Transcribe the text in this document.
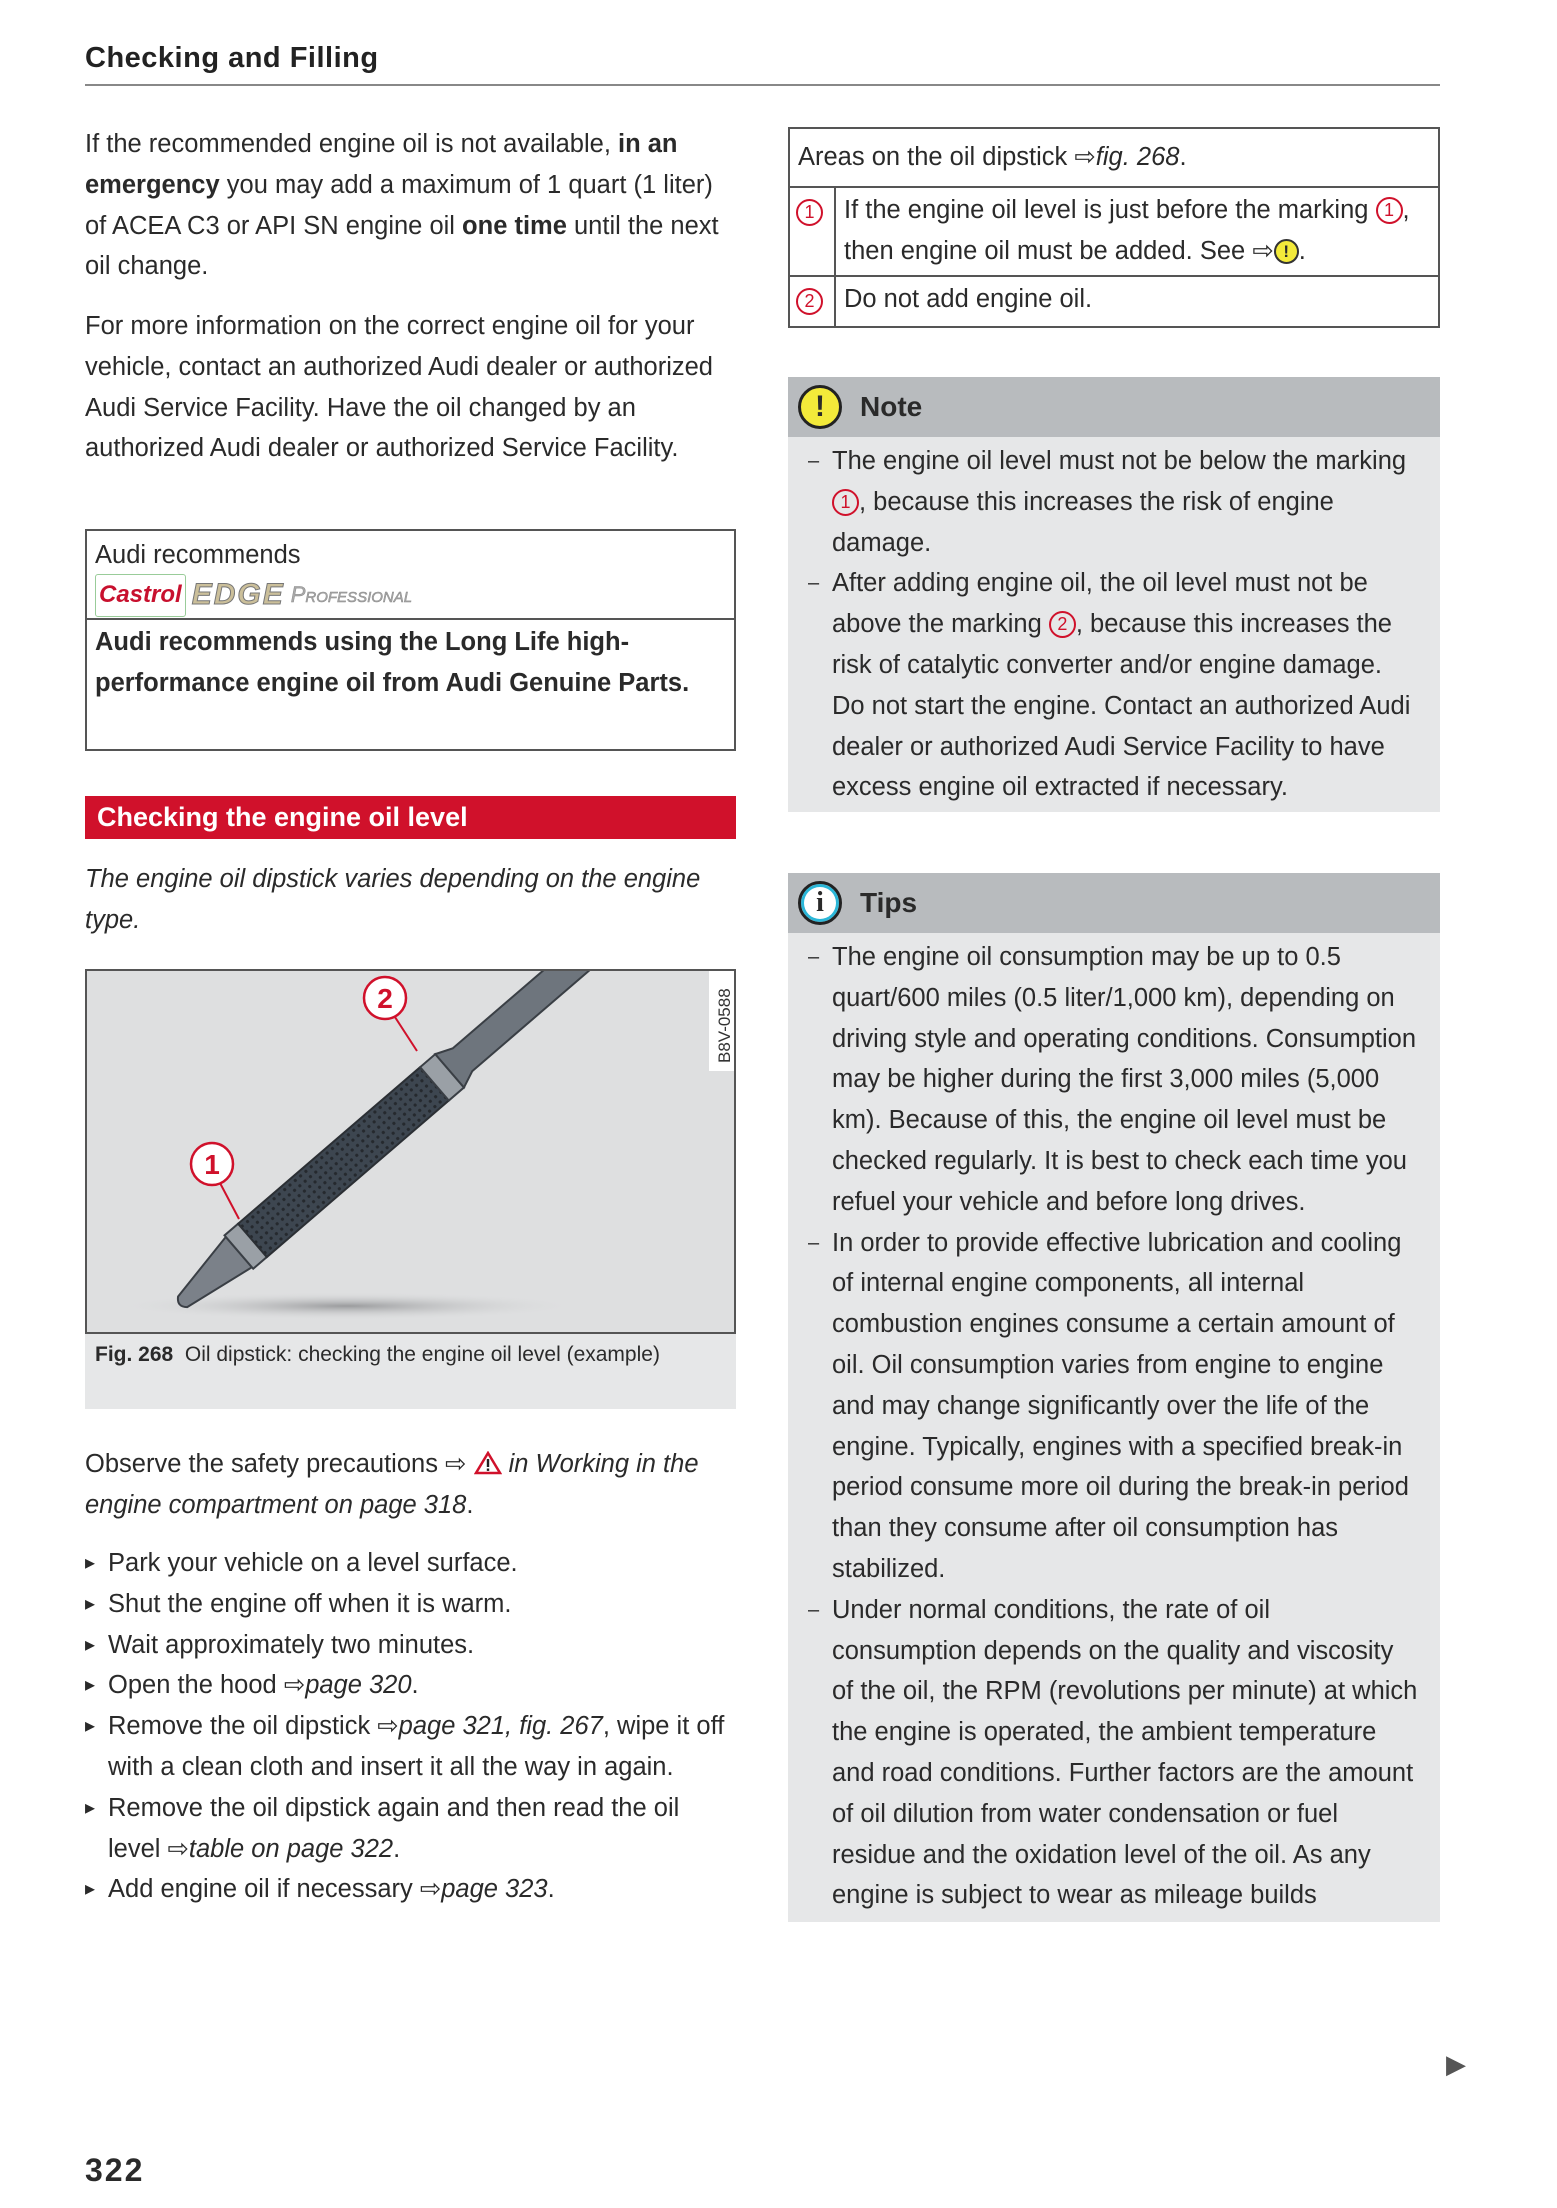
Checking and Filling

If the recommended engine oil is not available, in an emergency you may add a maximum of 1 quart (1 liter) of ACEA C3 or API SN engine oil one time until the next oil change.

For more information on the correct engine oil for your vehicle, contact an authorized Audi dealer or authorized Audi Service Facility. Have the oil changed by an authorized Audi dealer or authorized Service Facility.

Audi recommends
Castrol EDGE Professional
Audi recommends using the Long Life high-performance engine oil from Audi Genuine Parts.
Checking the engine oil level

The engine oil dipstick varies depending on the engine type.

1
2	B8V-0588
Fig. 268 Oil dipstick: checking the engine oil level (example)

Observe the safety precautions ⇨  in Working in the engine compartment on page 318.

▸ Park your vehicle on a level surface.
▸ Shut the engine off when it is warm.
▸ Wait approximately two minutes.
▸ Open the hood ⇨page 320.
▸ Remove the oil dipstick ⇨page 321, fig. 267, wipe it off with a clean cloth and insert it all the way in again.
▸ Remove the oil dipstick again and then read the oil level ⇨table on page 322.
▸ Add engine oil if necessary ⇨page 323.
Areas on the oil dipstick ⇨fig. 268.	
1	If the engine oil level is just before the marking 1 , then engine oil must be added. See ⇨ ! .
2	Do not add engine oil.
!	Note
– The engine oil level must not be below the marking 1 , because this increases the risk of engine damage.
– After adding engine oil, the oil level must not be above the marking 2 , because this increases the risk of catalytic converter and/or engine damage. Do not start the engine. Contact an authorized Audi dealer or authorized Audi Service Facility to have excess engine oil extracted if necessary.
i	Tips
– The engine oil consumption may be up to 0.5 quart/600 miles (0.5 liter/1,000 km), depending on driving style and operating conditions. Consumption may be higher during the first 3,000 miles (5,000 km). Because of this, the engine oil level must be checked regularly. It is best to check each time you refuel your vehicle and before long drives.
– In order to provide effective lubrication and cooling of internal engine components, all internal combustion engines consume a certain amount of oil. Oil consumption varies from engine to engine and may change significantly over the life of the engine. Typically, engines with a specified break-in period consume more oil during the break-in period than they consume after oil consumption has stabilized.
– Under normal conditions, the rate of oil consumption depends on the quality and viscosity of the oil, the RPM (revolutions per minute) at which the engine is operated, the ambient temperature and road conditions. Further factors are the amount of oil dilution from water condensation or fuel residue and the oxidation level of the oil. As any engine is subject to wear as mileage builds
▶
322
